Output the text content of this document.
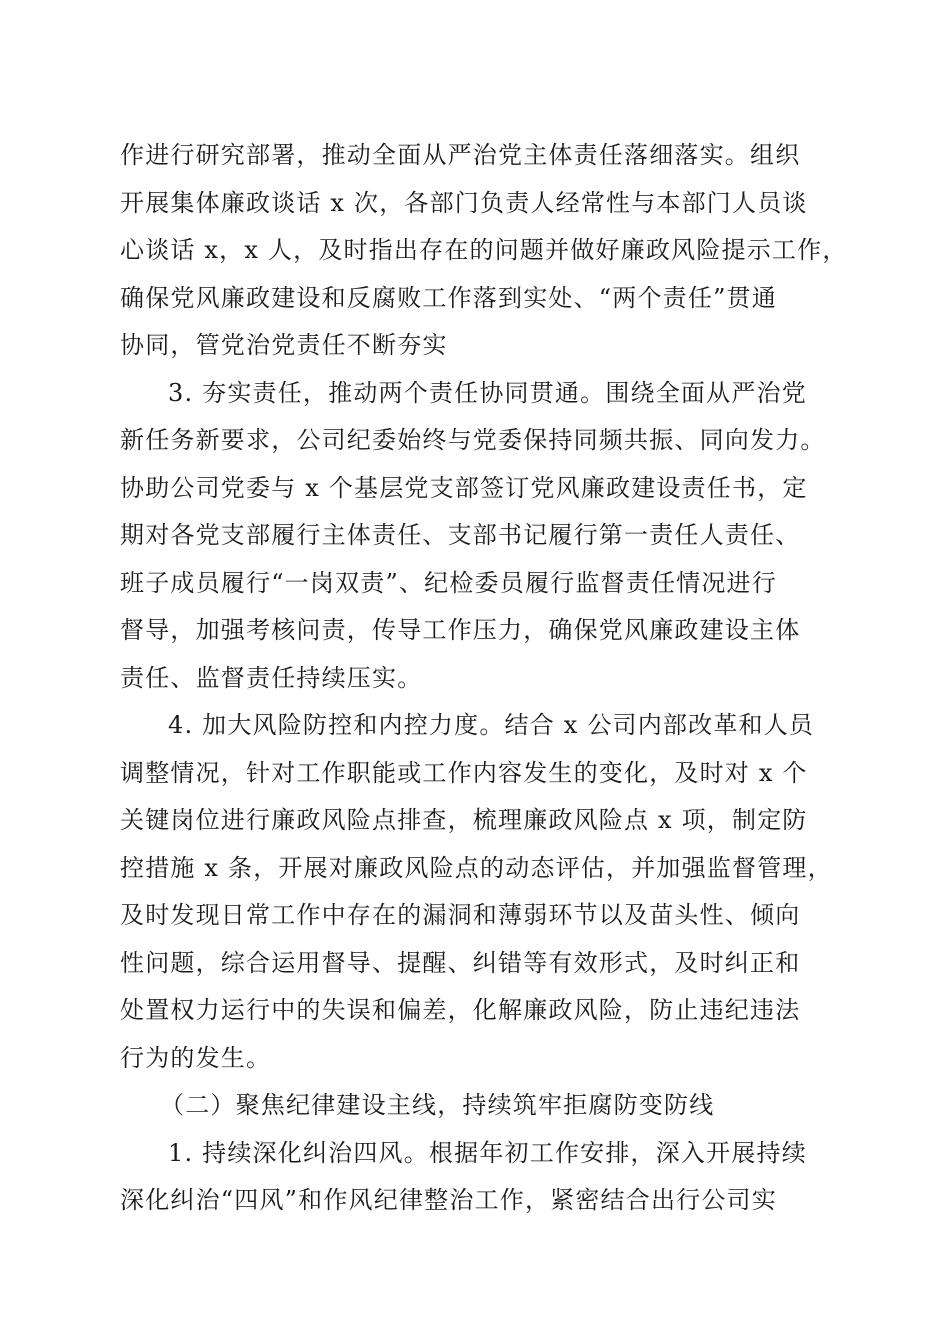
作进行研究部署，推动全面从严治党主体责任落细落实。组织
开展集体廉政谈话 x 次，各部门负责人经常性与本部门人员谈
心谈话 x，x 人，及时指出存在的问题并做好廉政风险提示工作，
确保党风廉政建设和反腐败工作落到实处、“两个责任”贯通
协同，管党治党责任不断夯实
3. 夯实责任，推动两个责任协同贯通。围绕全面从严治党
新任务新要求，公司纪委始终与党委保持同频共振、同向发力。
协助公司党委与 x 个基层党支部签订党风廉政建设责任书，定
期对各党支部履行主体责任、支部书记履行第一责任人责任、
班子成员履行“一岗双责”、纪检委员履行监督责任情况进行
督导，加强考核问责，传导工作压力，确保党风廉政建设主体
责任、监督责任持续压实。
4. 加大风险防控和内控力度。结合 x 公司内部改革和人员
调整情况，针对工作职能或工作内容发生的变化，及时对 x 个
关键岗位进行廉政风险点排查，梳理廉政风险点 x 项，制定防
控措施 x 条，开展对廉政风险点的动态评估，并加强监督管理，
及时发现日常工作中存在的漏洞和薄弱环节以及苗头性、倾向
性问题，综合运用督导、提醒、纠错等有效形式，及时纠正和
处置权力运行中的失误和偏差，化解廉政风险，防止违纪违法
行为的发生。
（二）聚焦纪律建设主线，持续筑牢拒腐防变防线
1. 持续深化纠治四风。根据年初工作安排，深入开展持续
深化纠治“四风”和作风纪律整治工作，紧密结合出行公司实
